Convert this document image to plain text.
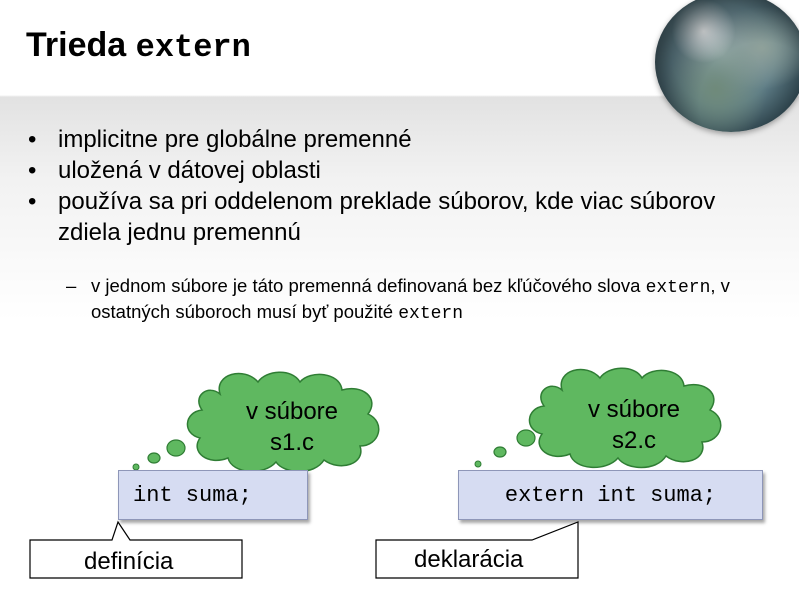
Trieda extern
• implicitne pre globálne premenné
• uložená v dátovej oblasti
• používa sa pri oddelenom preklade súborov, kde viac súborov zdiela jednu premennú
– v jednom súbore je táto premenná definovaná bez kľúčového slova extern, v ostatných súboroch musí byť použité extern
v súbore
s1.c
v súbore
s2.c
int suma;	extern int suma;
definícia	deklarácia
